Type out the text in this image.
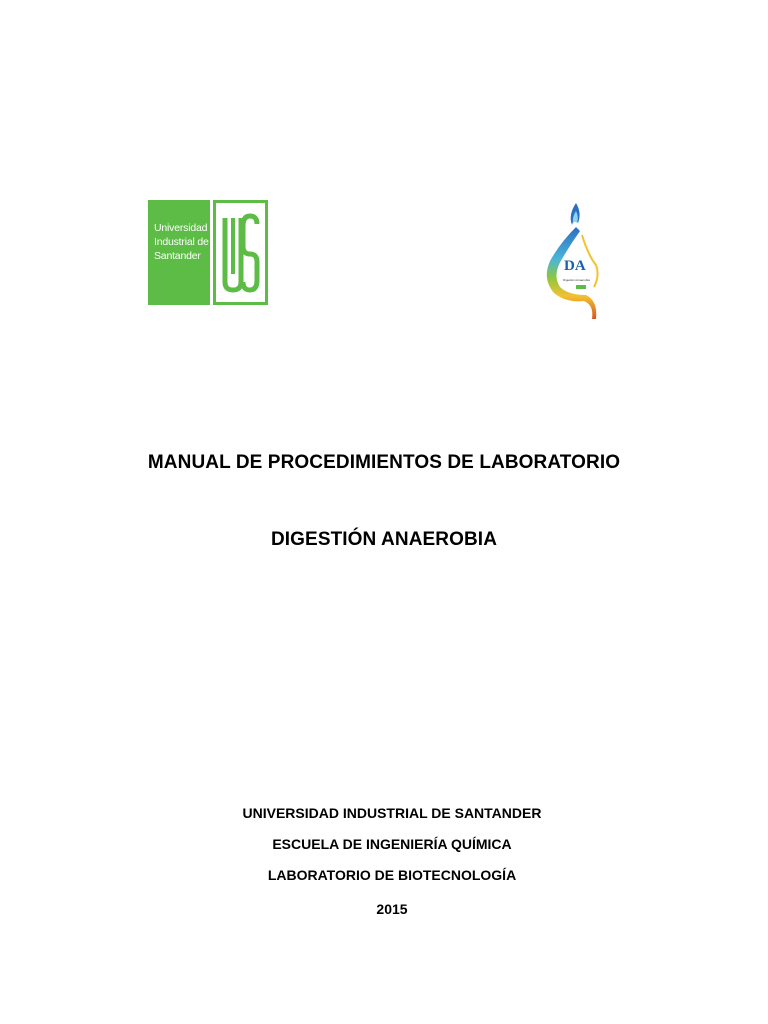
Universidad
Industrial de
Santander
DA
Digestión Anaerobia
MANUAL DE PROCEDIMIENTOS DE LABORATORIO
DIGESTIÓN ANAEROBIA
UNIVERSIDAD INDUSTRIAL DE SANTANDER
ESCUELA DE INGENIERÍA QUÍMICA
LABORATORIO DE BIOTECNOLOGÍA
2015
